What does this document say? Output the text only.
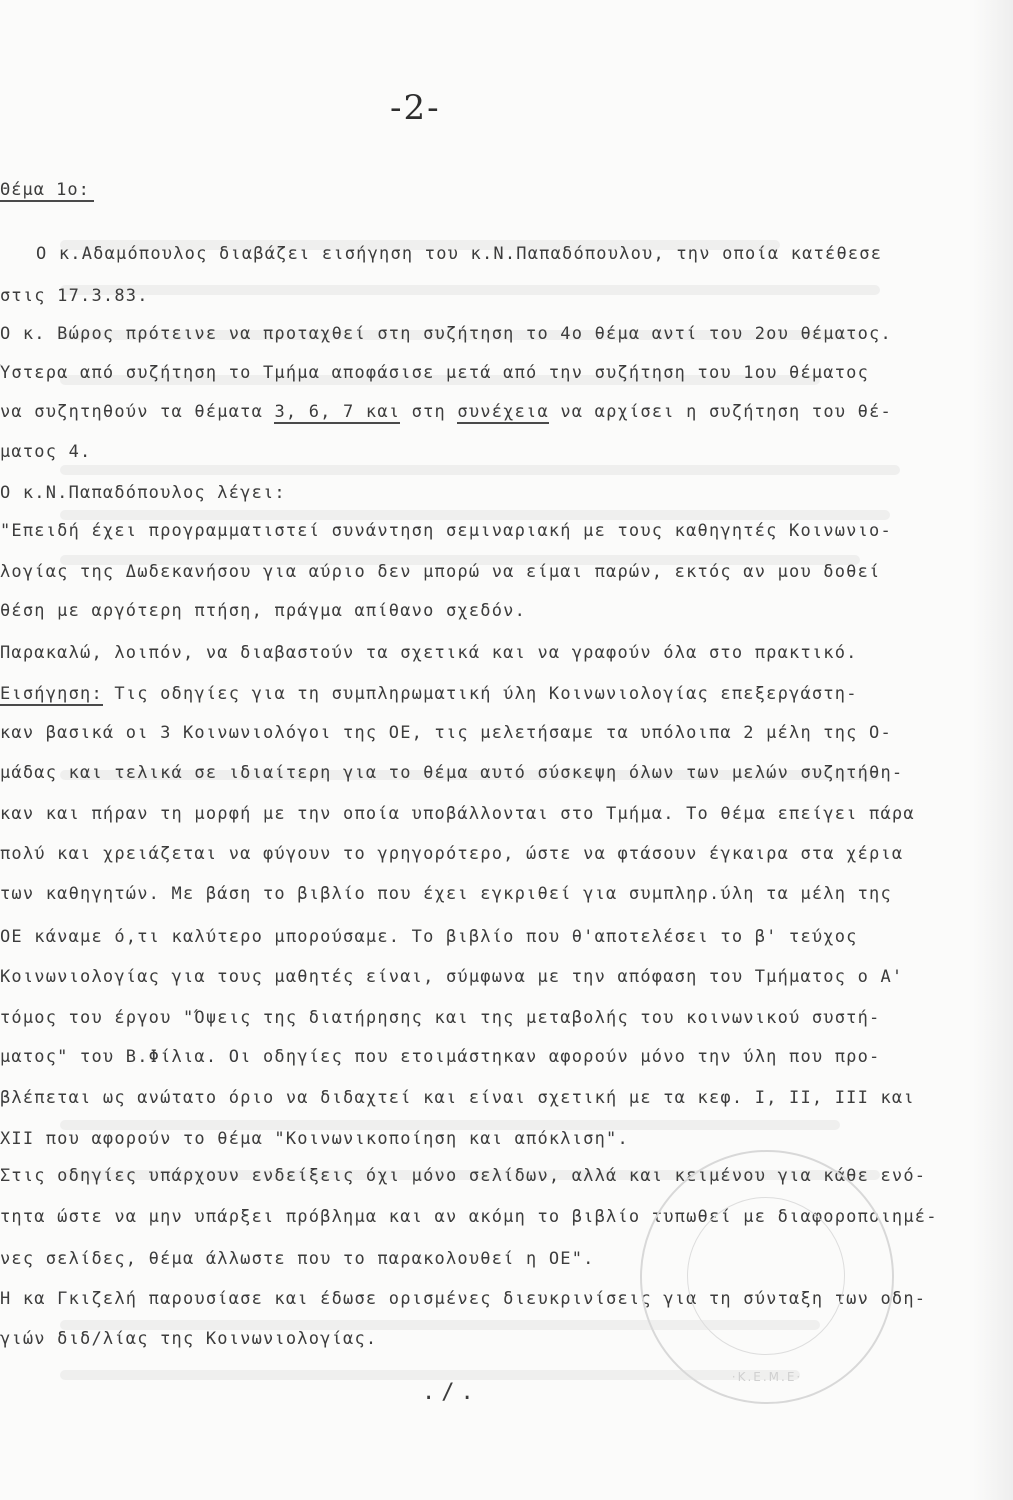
-2-
Θέμα 1ο:
Ο κ.Αδαμόπουλος διαβάζει εισήγηση του κ.Ν.Παπαδόπουλου, την οποία κατέθεσε
στις 17.3.83.
Ο κ. Βώρος πρότεινε να προταχθεί στη συζήτηση το 4ο θέμα αντί του 2ου θέματος.
Ύστερα από συζήτηση το Τμήμα αποφάσισε μετά από την συζήτηση του 1ου θέματος
να συζητηθούν τα θέματα 3, 6, 7 και στη συνέχεια να αρχίσει η συζήτηση του θέ-
ματος 4.
Ο κ.Ν.Παπαδόπουλος λέγει:
"Επειδή έχει προγραμματιστεί συνάντηση σεμιναριακή με τους καθηγητές Κοινωνιο-
λογίας της Δωδεκανήσου για αύριο δεν μπορώ να είμαι παρών, εκτός αν μου δοθεί
θέση με αργότερη πτήση, πράγμα απίθανο σχεδόν.
Παρακαλώ, λοιπόν, να διαβαστούν τα σχετικά και να γραφούν όλα στο πρακτικό.
Εισήγηση: Τις οδηγίες για τη συμπληρωματική ύλη Κοινωνιολογίας επεξεργάστη-
καν βασικά οι 3 Κοινωνιολόγοι της ΟΕ, τις μελετήσαμε τα υπόλοιπα 2 μέλη της Ο-
μάδας και τελικά σε ιδιαίτερη για το θέμα αυτό σύσκεψη όλων των μελών συζητήθη-
καν και πήραν τη μορφή με την οποία υποβάλλονται στο Τμήμα. Το θέμα επείγει πάρα
πολύ και χρειάζεται να φύγουν το γρηγορότερο, ώστε να φτάσουν έγκαιρα στα χέρια
των καθηγητών. Με βάση το βιβλίο που έχει εγκριθεί για συμπληρ.ύλη τα μέλη της
ΟΕ κάναμε ό,τι καλύτερο μπορούσαμε. Το βιβλίο που θ'αποτελέσει το β' τεύχος
Κοινωνιολογίας για τους μαθητές είναι, σύμφωνα με την απόφαση του Τμήματος ο Α'
τόμος του έργου "Όψεις της διατήρησης και της μεταβολής του κοινωνικού συστή-
ματος" του Β.Φίλια. Οι οδηγίες που ετοιμάστηκαν αφορούν μόνο την ύλη που προ-
βλέπεται ως ανώτατο όριο να διδαχτεί και είναι σχετική με τα κεφ. I, II, III και
XII που αφορούν το θέμα "Κοινωνικοποίηση και απόκλιση".
Στις οδηγίες υπάρχουν ενδείξεις όχι μόνο σελίδων, αλλά και κειμένου για κάθε ενό-
τητα ώστε να μην υπάρξει πρόβλημα και αν ακόμη το βιβλίο τυπωθεί με διαφοροποιημέ-
νες σελίδες, θέμα άλλωστε που το παρακολουθεί η ΟΕ".
Η κα Γκιζελή παρουσίασε και έδωσε ορισμένες διευκρινίσεις για τη σύνταξη των οδη-
γιών διδ/λίας της Κοινωνιολογίας.
·K.E.M.E·
./.
